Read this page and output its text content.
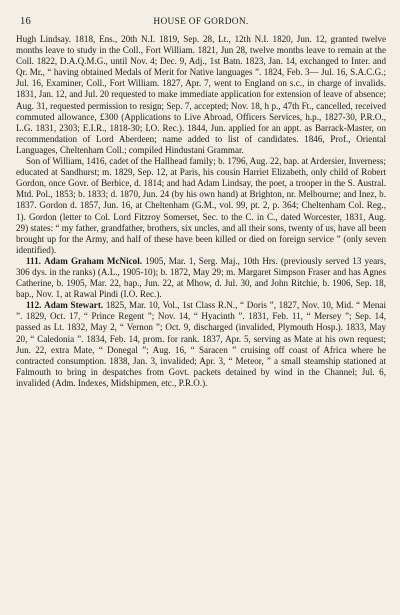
16	HOUSE OF GORDON.

Hugh Lindsay. 1818, Ens., 20th N.I. 1819, Sep. 28, Lt., 12th N.I. 1820, Jun. 12, granted twelve months leave to study in the Coll., Fort William. 1821, Jun 28, twelve months leave to remain at the Coll. 1822, D.A.Q.M.G., until Nov. 4; Dec. 9, Adj., 1st Batn. 1823, Jan. 14, exchanged to Inter. and Qr. Mr., “ having obtained Medals of Merit for Native languages ”. 1824, Feb. 3— Jul. 16, S.A.C.G.; Jul. 16, Examiner, Coll., Fort William. 1827, Apr. 7, went to England on s.c., in charge of invalids. 1831, Jan. 12, and Jul. 20 requested to make immediate application for extension of leave of absence; Aug. 31, requested permission to resign; Sep. 7, accepted; Nov. 18, h p., 47th Ft., cancelled, received commuted allowance, £300 (Applications to Live Abroad, Officers Services, h.p., 1827-30, P.R.O., L.G. 1831, 2303; E.I.R., 1818-30; I.O. Rec.). 1844, Jun. applied for an appt. as Barrack-Master, on recommendation of Lord Aberdeen; name added to list of candidates. 1846, Prof., Oriental Languages, Cheltenham Coll.; compiled Hindustani Grammar.

Son of William, 1416, cadet of the Hallhead family; b. 1796, Aug. 22, bap. at Ardersier, Inverness; educated at Sandhurst; m. 1829, Sep. 12, at Paris, his cousin Harriet Elizabeth, only child of Robert Gordon, once Govr. of Berbice, d. 1814; and had Adam Lindsay, the poet, a trooper in the S. Austral. Mtd. Pol., 1853; b. 1833; d. 1870, Jun. 24 (by his own hand) at Brighton, nr. Melbourne; and Inez, b. 1837. Gordon d. 1857, Jun. 16, at Cheltenham (G.M., vol. 99, pt. 2, p. 364; Cheltenham Col. Reg., 1). Gordon (letter to Col. Lord Fitzroy Somerset, Sec. to the C. in C., dated Worcester, 1831, Aug. 29) states: “ my father, grandfather, brothers, six uncles, and all their sons, twenty of us, have all been brought up for the Army, and half of these have been killed or died on foreign service ” (only seven identified).

111. Adam Graham McNicol. 1905, Mar. 1, Serg. Maj., 10th Hrs. (previously served 13 years, 306 dys. in the ranks) (A.L., 1905-10); b. 1872, May 29; m. Margaret Simpson Fraser and has Agnes Catherine, b. 1905, Mar. 22, bap., Jun. 22, at Mhow, d. Jul. 30, and John Ritchie, b. 1906, Sep. 18, bap., Nov. 1, at Rawal Pindi (I.O. Rec.).

112. Adam Stewart. 1825, Mar. 10, Vol., 1st Class R.N., “ Doris ”, 1827, Nov. 10, Mid. “ Menai ”. 1829, Oct. 17, “ Prince Regent ”; Nov. 14, “ Hyacinth ”. 1831, Feb. 11, “ Mersey ”; Sep. 14, passed as Lt. 1832, May 2, “ Vernon ”; Oct. 9, discharged (invalided, Plymouth Hosp.). 1833, May 20, “ Caledonia ”. 1834, Feb. 14, prom. for rank. 1837, Apr. 5, serving as Mate at his own request; Jun. 22, extra Mate, “ Donegal ”; Aug. 16, “ Saracen ” cruising off coast of Africa where he contracted consumption. 1838, Jan. 3, invalided; Apr. 3, “ Meteor, ” a small steamship stationed at Falmouth to bring in despatches from Govt. packets detained by wind in the Channel; Jul. 6, invalided (Adm. Indexes, Midshipmen, etc., P.R.O.).
